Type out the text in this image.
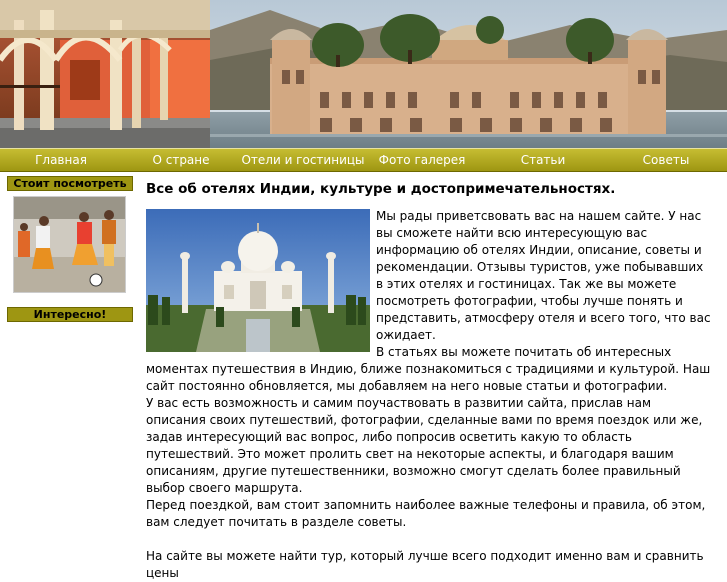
Главная	О стране	Отели и гостиницы	Фото галерея	Статьи	Советы
Стоит посмотреть
Интересно!
Все об отелях Индии, культуре и достопримечательностях.

Мы рады приветсвовать вас на нашем сайте. У нас вы сможете найти всю интересующую вас информацию об отелях Индии, описание, советы и рекомендации. Отзывы туристов, уже побывавших в этих отелях и гостиницах. Так же вы можете посмотреть фотографии, чтобы лучше понять и представить, атмосферу отеля и всего того, что вас ожидает.

В статьях вы можете почитать об интересных моментах путешествия в Индию, ближе познакомиться с традициями и культурой. Наш сайт постоянно обновляется, мы добавляем на него новые статьи и фотографии.

У вас есть возможность и самим поучаствовать в развитии сайта, прислав нам описания своих путешествий, фотографии, сделанные вами по время поездок или же, задав интересующий вас вопрос, либо попросив осветить какую то область путешествий. Это может пролить свет на некоторые аспекты, и благодаря вашим описаниям, другие путешественники, возможно смогут сделать более правильный выбор своего маршрута.

Перед поездкой, вам стоит запомнить наиболее важные телефоны и правила, об этом, вам следует почитать в разделе советы.

На сайте вы можете найти тур, который лучше всего подходит именно вам и сравнить цены
